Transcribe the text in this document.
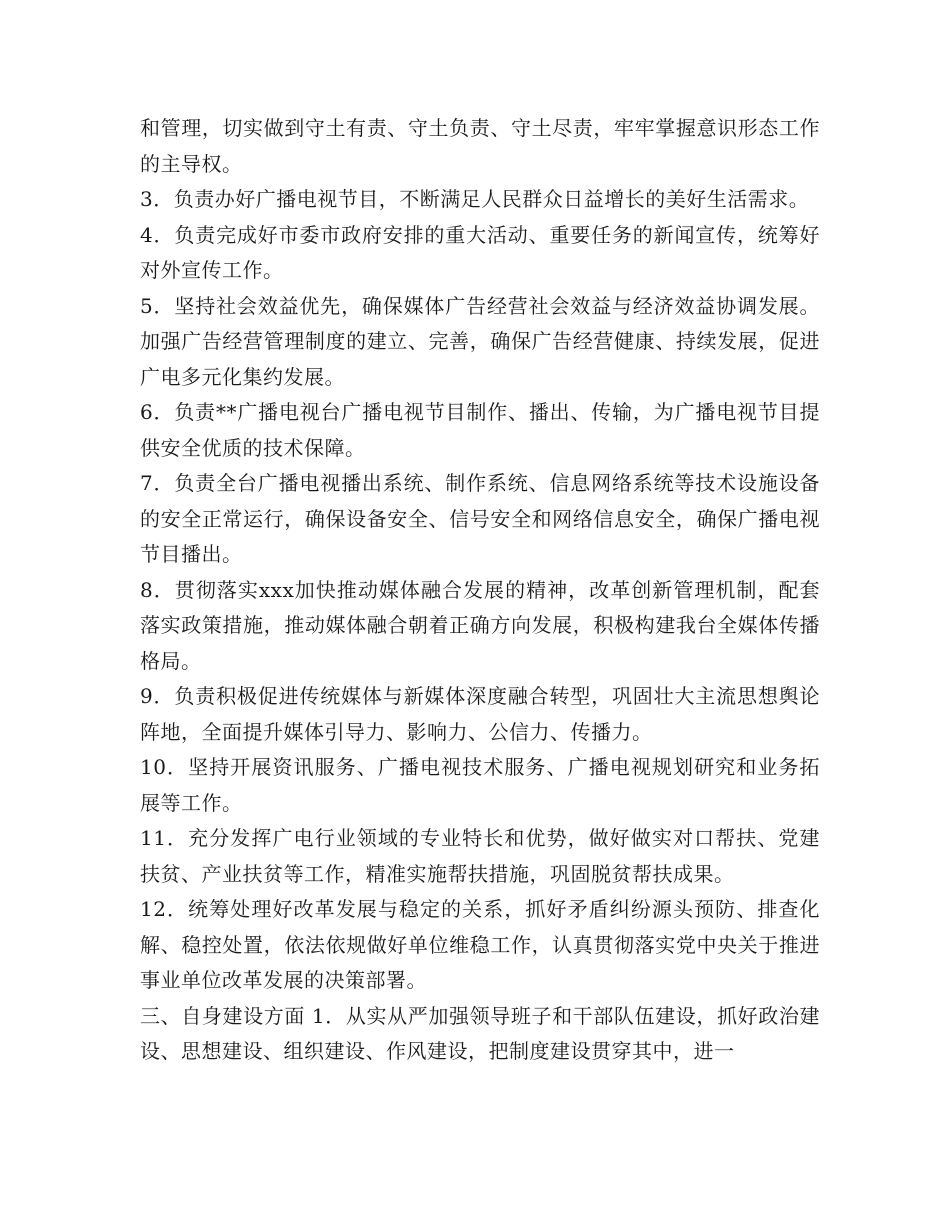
和管理，切实做到守土有责、守土负责、守土尽责，牢牢掌握意识形态工作的主导权。

3．负责办好广播电视节目，不断满足人民群众日益增长的美好生活需求。

4．负责完成好市委市政府安排的重大活动、重要任务的新闻宣传，统筹好对外宣传工作。

5．坚持社会效益优先，确保媒体广告经营社会效益与经济效益协调发展。加强广告经营管理制度的建立、完善，确保广告经营健康、持续发展，促进广电多元化集约发展。

6．负责**广播电视台广播电视节目制作、播出、传输，为广播电视节目提供安全优质的技术保障。

7．负责全台广播电视播出系统、制作系统、信息网络系统等技术设施设备的安全正常运行，确保设备安全、信号安全和网络信息安全，确保广播电视节目播出。

8．贯彻落实xxx加快推动媒体融合发展的精神，改革创新管理机制，配套落实政策措施，推动媒体融合朝着正确方向发展，积极构建我台全媒体传播格局。

9．负责积极促进传统媒体与新媒体深度融合转型，巩固壮大主流思想舆论阵地，全面提升媒体引导力、影响力、公信力、传播力。

10．坚持开展资讯服务、广播电视技术服务、广播电视规划研究和业务拓展等工作。

11．充分发挥广电行业领域的专业特长和优势，做好做实对口帮扶、党建扶贫、产业扶贫等工作，精准实施帮扶措施，巩固脱贫帮扶成果。

12．统筹处理好改革发展与稳定的关系，抓好矛盾纠纷源头预防、排查化解、稳控处置，依法依规做好单位维稳工作，认真贯彻落实党中央关于推进事业单位改革发展的决策部署。

三、自身建设方面 1．从实从严加强领导班子和干部队伍建设，抓好政治建设、思想建设、组织建设、作风建设，把制度建设贯穿其中，进一
